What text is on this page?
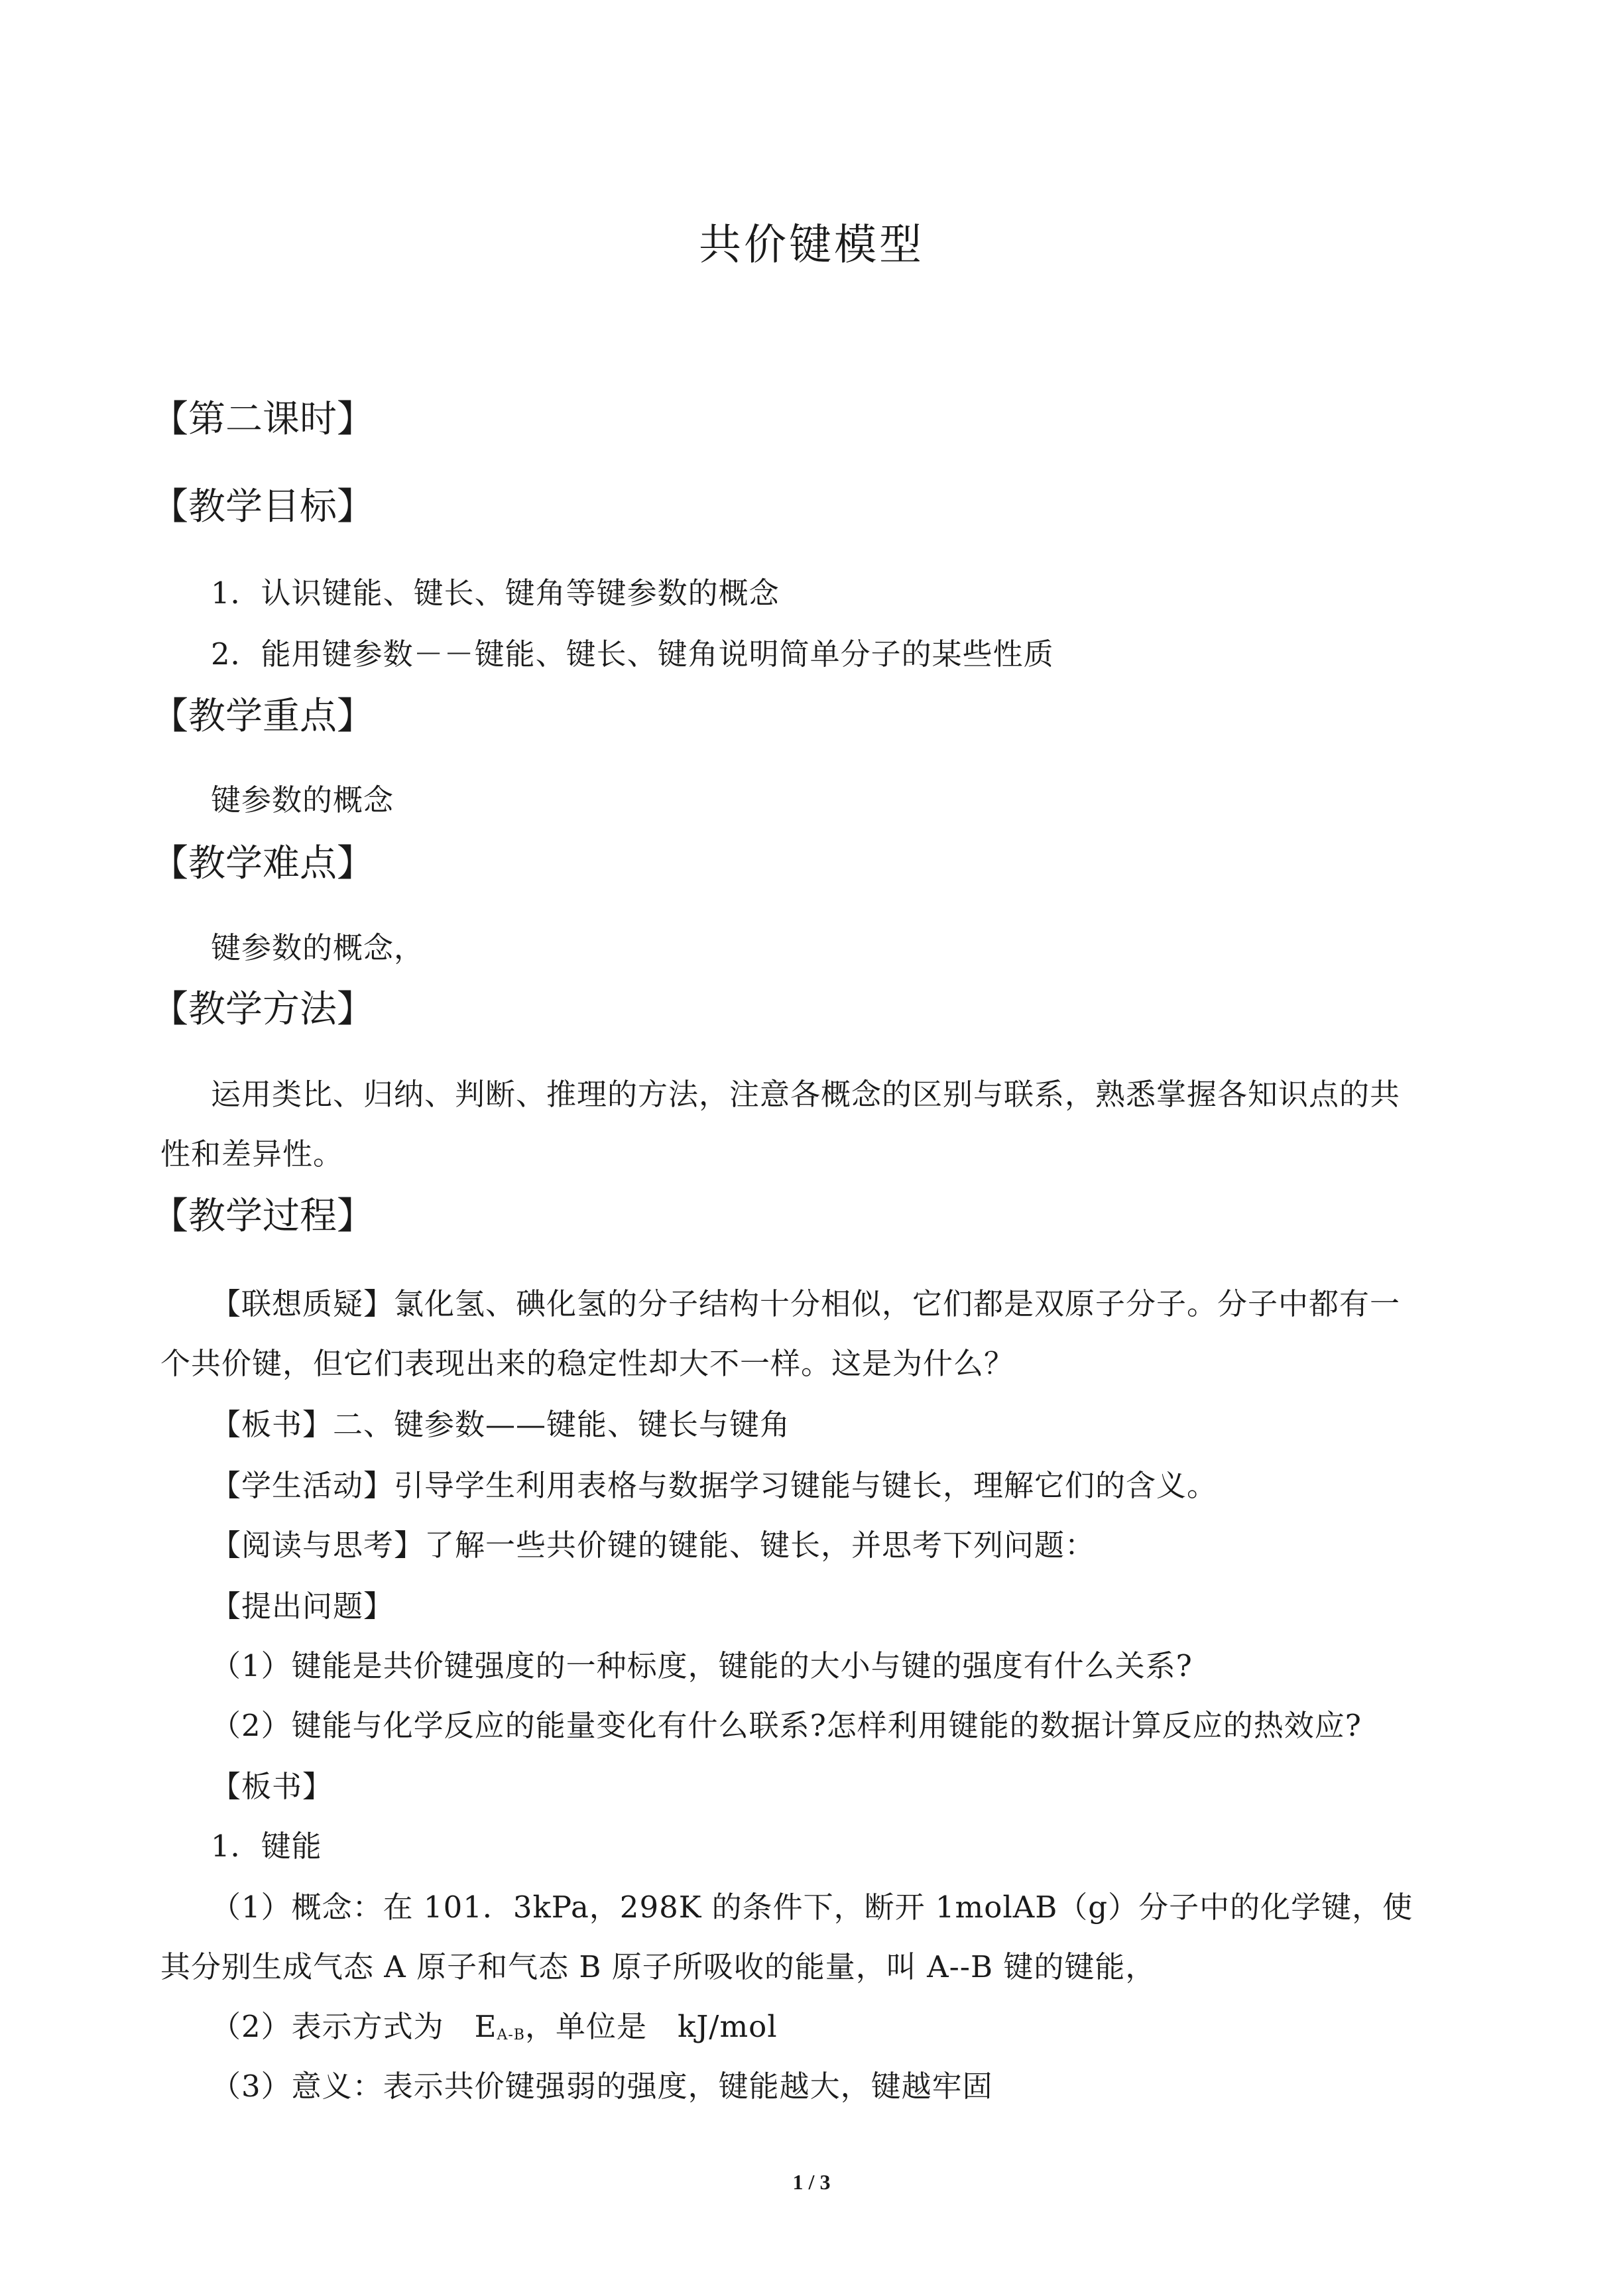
共价键模型
【第二课时】
【教学目标】
1．认识键能、键长、键角等键参数的概念
2．能用键参数－－键能、键长、键角说明简单分子的某些性质
【教学重点】
键参数的概念
【教学难点】
键参数的概念，
【教学方法】
运用类比、归纳、判断、推理的方法，注意各概念的区别与联系，熟悉掌握各知识点的共
性和差异性。
【教学过程】
【联想质疑】氯化氢、碘化氢的分子结构十分相似，它们都是双原子分子。分子中都有一
个共价键，但它们表现出来的稳定性却大不一样。这是为什么？
【板书】二、键参数——键能、键长与键角
【学生活动】引导学生利用表格与数据学习键能与键长，理解它们的含义。
【阅读与思考】了解一些共价键的键能、键长，并思考下列问题：
【提出问题】
（1）键能是共价键强度的一种标度，键能的大小与键的强度有什么关系?
（2）键能与化学反应的能量变化有什么联系?怎样利用键能的数据计算反应的热效应?
【板书】
1．键能
（1）概念：在 101．3kPa，298K 的条件下，断开 1molAB（g）分子中的化学键，使
其分别生成气态 A 原子和气态 B 原子所吸收的能量，叫 A--B 键的键能，
（2）表示方式为　EA-B，单位是　kJ/mol
（3）意义：表示共价键强弱的强度，键能越大，键越牢固
1 / 3
